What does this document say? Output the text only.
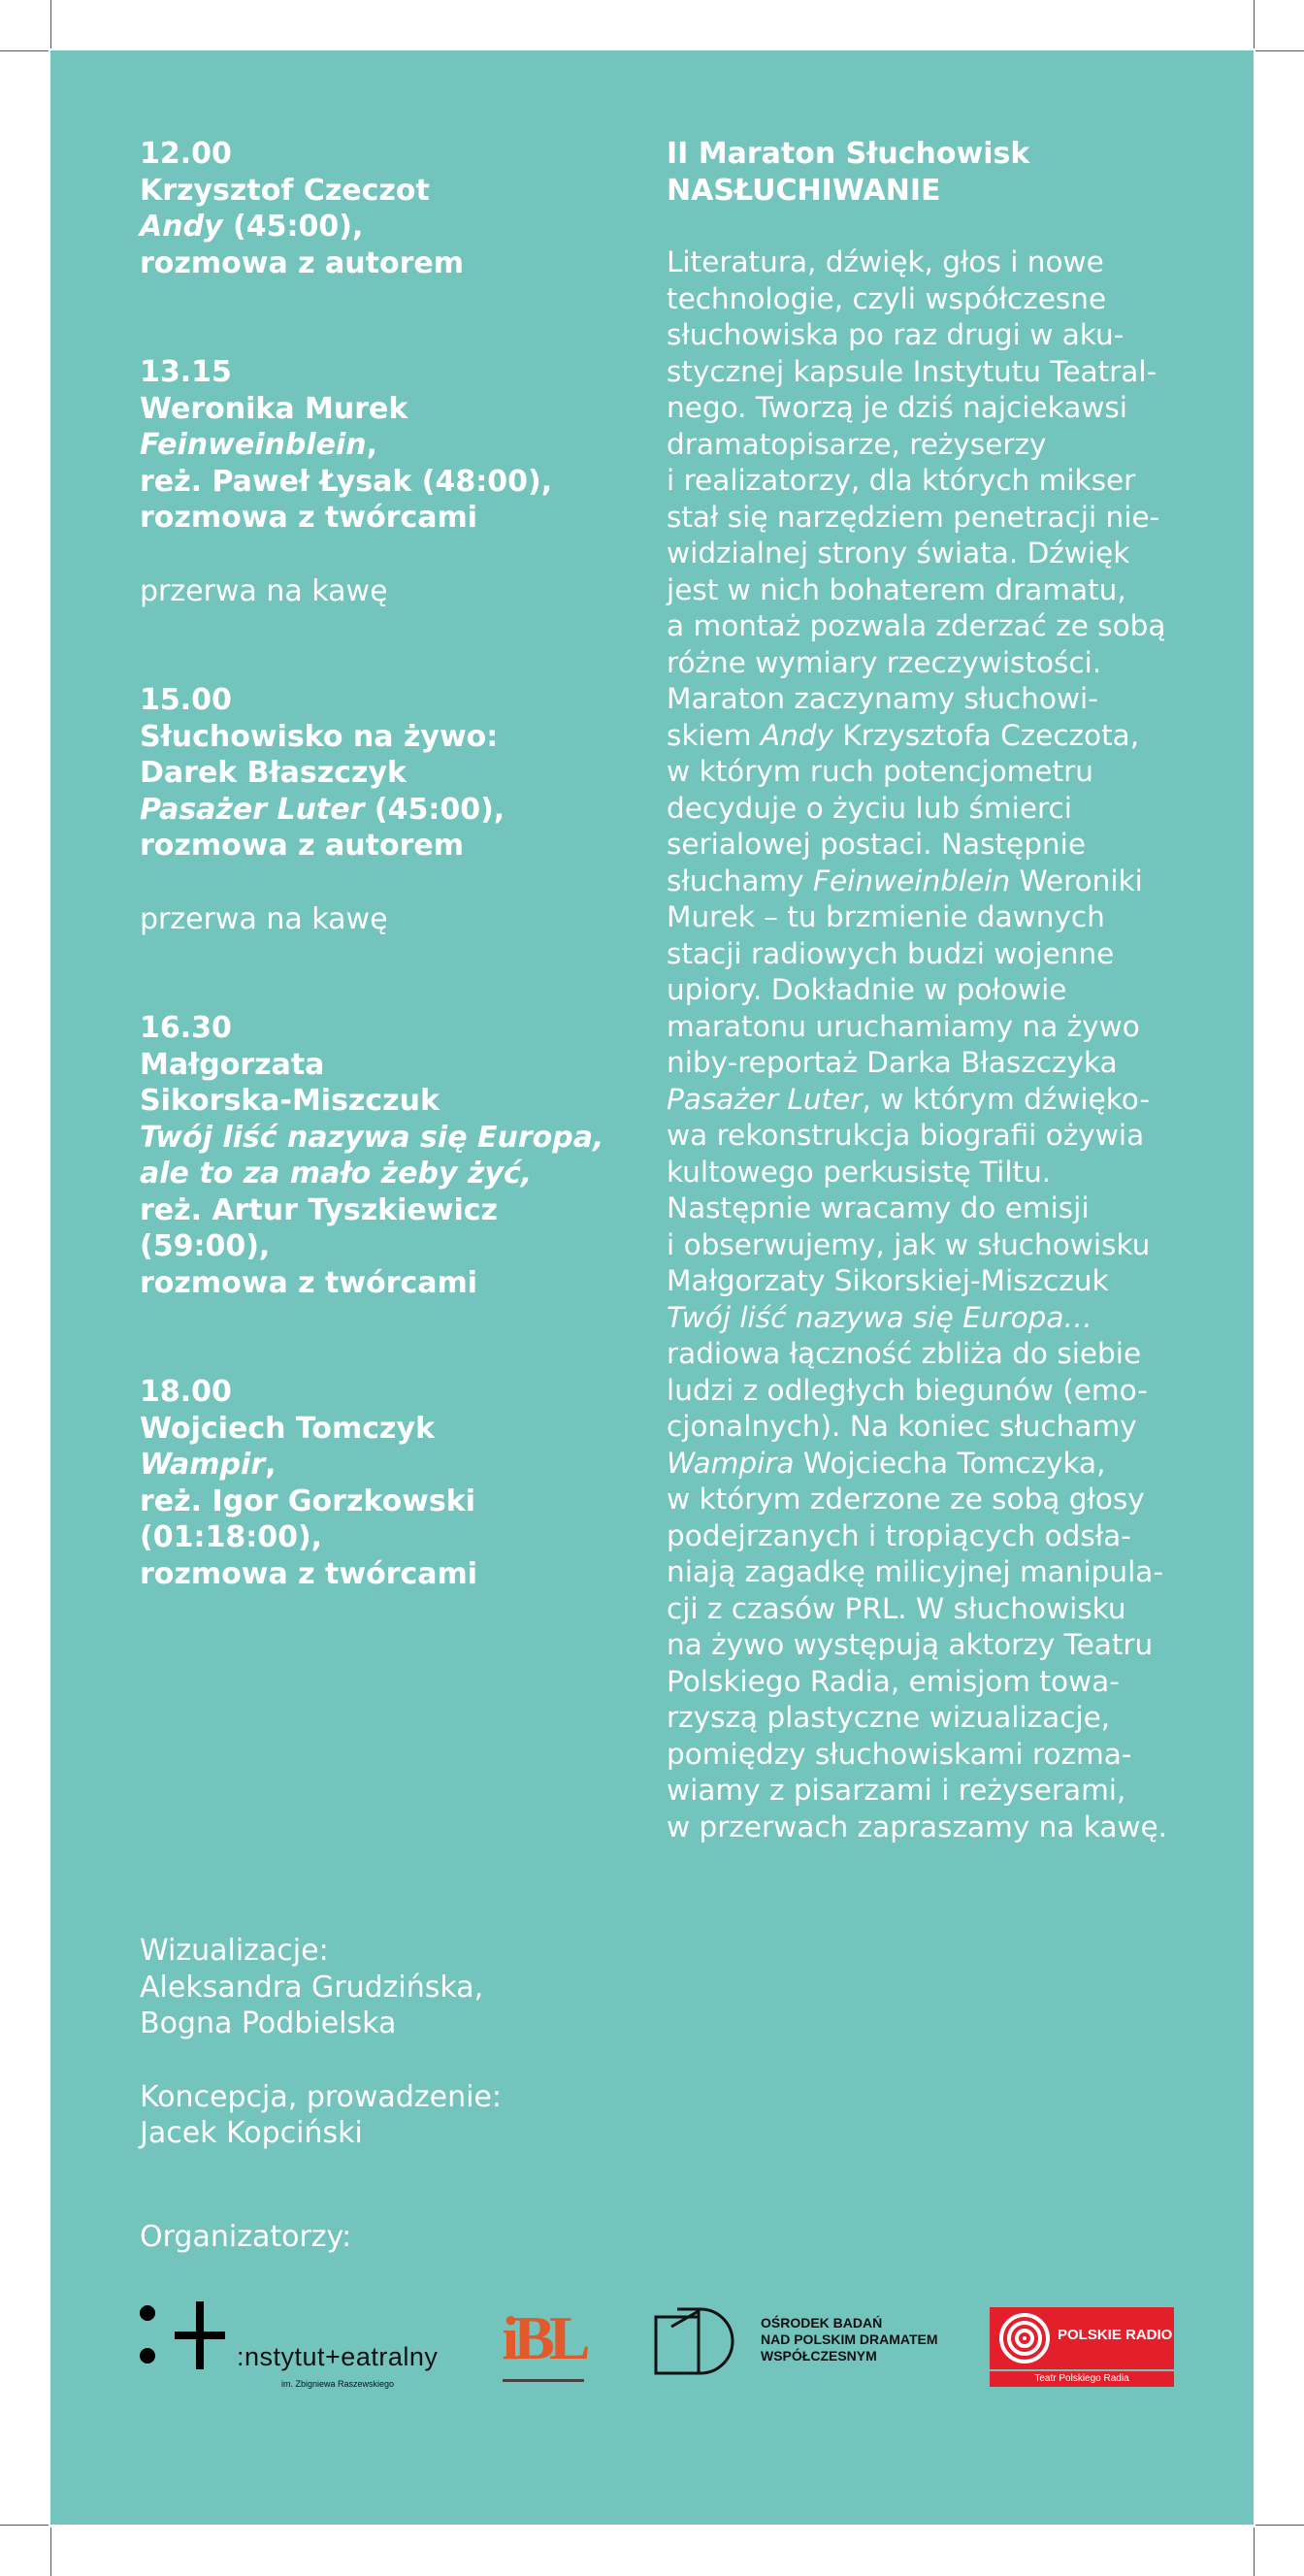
12.00
Krzysztof Czeczot
Andy (45:00),
rozmowa z autorem
13.15
Weronika Murek
Feinweinblein,
reż. Paweł Łysak (48:00),
rozmowa z twórcami
przerwa na kawę
15.00
Słuchowisko na żywo:
Darek Błaszczyk
Pasażer Luter (45:00),
rozmowa z autorem
przerwa na kawę
16.30
Małgorzata
Sikorska-Miszczuk
Twój liść nazywa się Europa,
ale to za mało żeby żyć,
reż. Artur Tyszkiewicz
(59:00),
rozmowa z twórcami
18.00
Wojciech Tomczyk
Wampir,
reż. Igor Gorzkowski
(01:18:00),
rozmowa z twórcami
II Maraton Słuchowisk
NASŁUCHIWANIE
Literatura, dźwięk, głos i nowe
technologie, czyli współczesne
słuchowiska po raz drugi w aku-
stycznej kapsule Instytutu Teatral-
nego. Tworzą je dziś najciekawsi
dramatopisarze, reżyserzy
i realizatorzy, dla których mikser
stał się narzędziem penetracji nie-
widzialnej strony świata. Dźwięk
jest w nich bohaterem dramatu,
a montaż pozwala zderzać ze sobą
różne wymiary rzeczywistości.
Maraton zaczynamy słuchowi-
skiem Andy Krzysztofa Czeczota,
w którym ruch potencjometru
decyduje o życiu lub śmierci
serialowej postaci. Następnie
słuchamy Feinweinblein Weroniki
Murek – tu brzmienie dawnych
stacji radiowych budzi wojenne
upiory. Dokładnie w połowie
maratonu uruchamiamy na żywo
niby-reportaż Darka Błaszczyka
Pasażer Luter, w którym dźwięko-
wa rekonstrukcja biografii ożywia
kultowego perkusistę Tiltu.
Następnie wracamy do emisji
i obserwujemy, jak w słuchowisku
Małgorzaty Sikorskiej-Miszczuk
Twój liść nazywa się Europa…
radiowa łączność zbliża do siebie
ludzi z odległych biegunów (emo-
cjonalnych). Na koniec słuchamy
Wampira Wojciecha Tomczyka,
w którym zderzone ze sobą głosy
podejrzanych i tropiących odsła-
niają zagadkę milicyjnej manipula-
cji z czasów PRL. W słuchowisku
na żywo występują aktorzy Teatru
Polskiego Radia, emisjom towa-
rzyszą plastyczne wizualizacje,
pomiędzy słuchowiskami rozma-
wiamy z pisarzami i reżyserami,
w przerwach zapraszamy na kawę.
Wizualizacje:
Aleksandra Grudzińska,
Bogna Podbielska
Koncepcja, prowadzenie:
Jacek Kopciński
Organizatorzy:
:nstytut+eatralny
im. Zbigniewa Raszewskiego
iBL	OŚRODEK BADAŃ
NAD POLSKIM DRAMATEM
WSPÓŁCZESNYM
POLSKIE RADIO
Teatr Polskiego Radia
